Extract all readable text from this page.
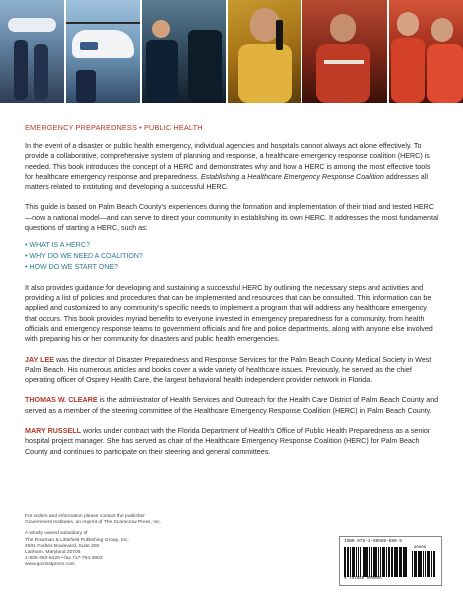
EMERGENCY PREPAREDNESS • PUBLIC HEALTH

In the event of a disaster or public health emergency, individual agencies and hospitals cannot always act alone effectively. To provide a collaborative, comprehensive system of planning and response, a healthcare emergency response coalition (HERC) is needed. This book introduces the concept of a HERC and demonstrates why and how a HERC is among the most effective tools for healthcare emergency response and preparedness. Establishing a Healthcare Emergency Response Coalition addresses all matters related to instituting and developing a successful HERC.

This guide is based on Palm Beach County's experiences during the formation and implementation of their triad and tested HERC—now a national model—and can serve to direct your community in establishing its own HERC. It addresses the most fundamental questions of starting a HERC, such as:

• WHAT IS A HERC?
• WHY DO WE NEED A COALITION?
• HOW DO WE START ONE?

It also provides guidance for developing and sustaining a successful HERC by outlining the necessary steps and activities and providing a list of policies and procedures that can be implemented and resources that can be consulted. This information can be applied and customized to any community's specific needs to implement a program that will address any healthcare emergency that occurs. This book provides myriad benefits to everyone invested in emergency preparedness for a community, from health officials and emergency response teams to government officials and fire and police departments, along with anyone else involved with preparing his or her community for disasters and public health emergencies.

JAY LEE was the director of Disaster Preparedness and Response Services for the Palm Beach County Medical Society in West Palm Beach. His numerous articles and books cover a wide variety of healthcare issues. Previously, he served as the chief operating officer of Osprey Health Care, the largest behavioral health independent provider network in Florida.

THOMAS W. CLEARE is the administrator of Health Services and Outreach for the Health Care District of Palm Beach County and served as a member of the steering committee of the Healthcare Emergency Response Coalition (HERC) in Palm Beach County.

MARY RUSSELL works under contract with the Florida Department of Health's Office of Public Health Preparedness as a senior hospital project manager. She has served as chair of the Healthcare Emergency Response Coalition (HERC) for Palm Beach County and continues to participate on their steering and general committees.

For orders and information please contact the publisher
Government Institutes, an imprint of The Scarecrow Press, Inc.
A wholly owned subsidiary of
The Rowman & Littlefield Publishing Group, Inc.
4501 Forbes Boulevard, Suite 200
Lanham, Maryland 20706
1-800-462-6420 • fax 717-794-3803
www.govinstpress.com
ISBN 978-1-60590-680-5
90000
9 781605 906805
